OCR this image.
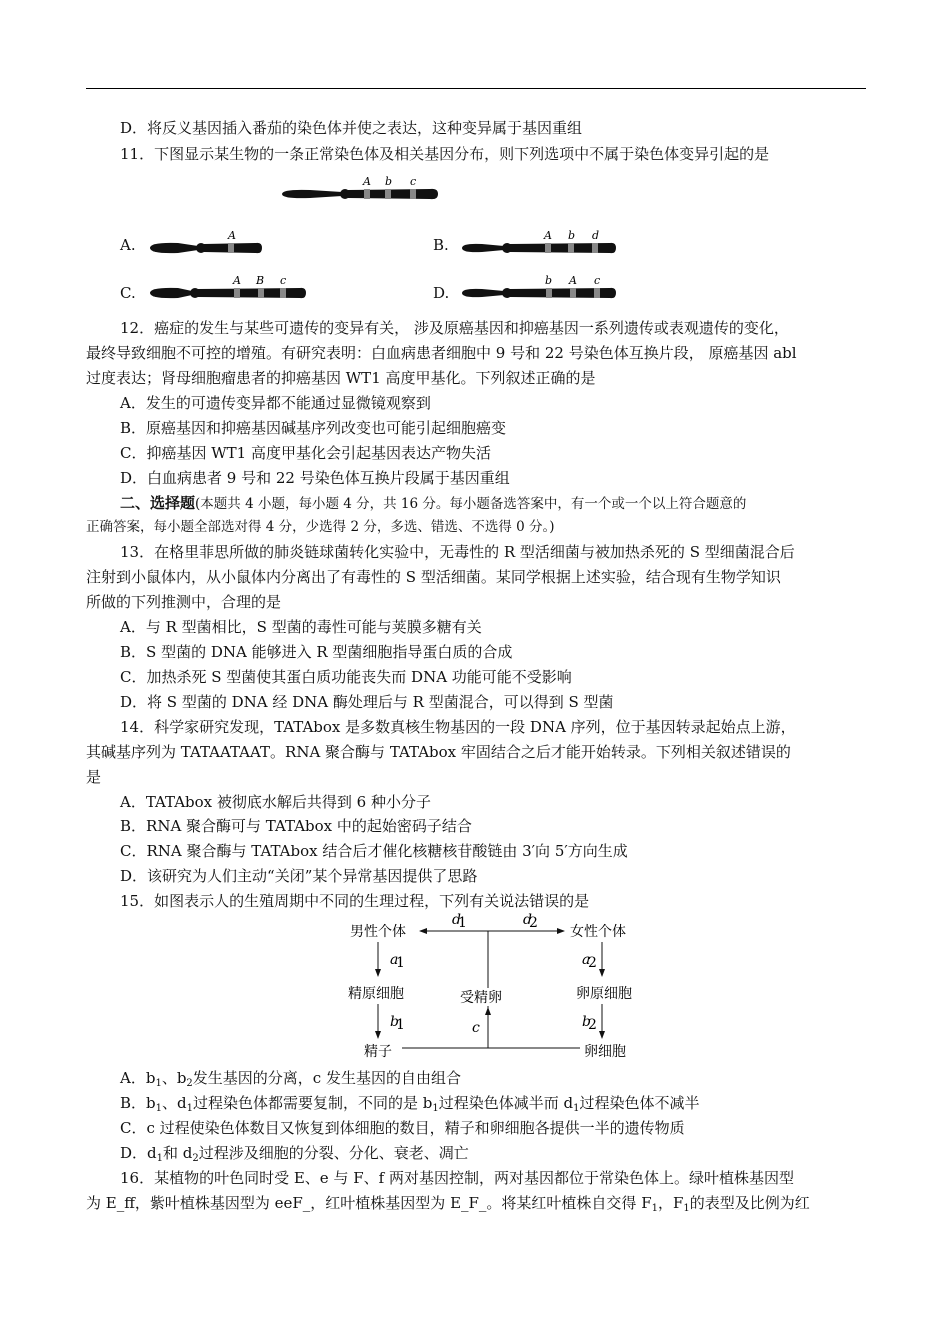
D．将反义基因插入番茄的染色体并使之表达，这种变异属于基因重组
11．下图显示某生物的一条正常染色体及相关基因分布，则下列选项中不属于染色体变异引起的是
A b c
A	A b d
A B c	b A c
A.	B.
C.	D.
12．癌症的发生与某些可遗传的变异有关， 涉及原癌基因和抑癌基因一系列遗传或表观遗传的变化，
最终导致细胞不可控的增殖。有研究表明：白血病患者细胞中 9 号和 22 号染色体互换片段， 原癌基因 abl
过度表达；肾母细胞瘤患者的抑癌基因 WT1 高度甲基化。下列叙述正确的是
A．发生的可遗传变异都不能通过显微镜观察到
B．原癌基因和抑癌基因碱基序列改变也可能引起细胞癌变
C．抑癌基因 WT1 高度甲基化会引起基因表达产物失活
D．白血病患者 9 号和 22 号染色体互换片段属于基因重组
二、选择题(本题共 4 小题，每小题 4 分，共 16 分。每小题备选答案中，有一个或一个以上符合题意的
正确答案，每小题全部选对得 4 分，少选得 2 分，多选、错选、不选得 0 分。)
13．在格里菲思所做的肺炎链球菌转化实验中，无毒性的 R 型活细菌与被加热杀死的 S 型细菌混合后
注射到小鼠体内，从小鼠体内分离出了有毒性的 S 型活细菌。某同学根据上述实验，结合现有生物学知识
所做的下列推测中，合理的是
A．与 R 型菌相比，S 型菌的毒性可能与荚膜多糖有关
B．S 型菌的 DNA 能够进入 R 型菌细胞指导蛋白质的合成
C．加热杀死 S 型菌使其蛋白质功能丧失而 DNA 功能可能不受影响
D．将 S 型菌的 DNA 经 DNA 酶处理后与 R 型菌混合，可以得到 S 型菌
14．科学家研究发现，TATAbox 是多数真核生物基因的一段 DNA 序列，位于基因转录起始点上游，
其碱基序列为 TATAATAAT。RNA 聚合酶与 TATAbox 牢固结合之后才能开始转录。下列相关叙述错误的
是
A．TATAbox 被彻底水解后共得到 6 种小分子
B．RNA 聚合酶可与 TATAbox 中的起始密码子结合
C．RNA 聚合酶与 TATAbox 结合后才催化核糖核苷酸链由 3′向 5′方向生成
D．该研究为人们主动“关闭”某个异常基因提供了思路
15．如图表示人的生殖周期中不同的生理过程，下列有关说法错误的是
男性个体	女性个体
d
1	d
2
a
1
精原细胞
b
1
精子
a
2
卵原细胞
b
2
卵细胞
c
受精卵
A．$b_1$、$b_2$发生基因的分离，c 发生基因的自由组合
B．$b_1$、$d_1$过程染色体都需要复制，不同的是 $b_1$过程染色体减半而 $d_1$过程染色体不减半
C．c 过程使染色体数目又恢复到体细胞的数目，精子和卵细胞各提供一半的遗传物质
D．$d_1$和 $d_2$过程涉及细胞的分裂、分化、衰老、凋亡
16．某植物的叶色同时受 E、e 与 F、f 两对基因控制，两对基因都位于常染色体上。绿叶植株基因型
为 E_ff，紫叶植株基因型为 eeF_，红叶植株基因型为 E_F_。将某红叶植株自交得 $F_1$，$F_1$的表型及比例为红
